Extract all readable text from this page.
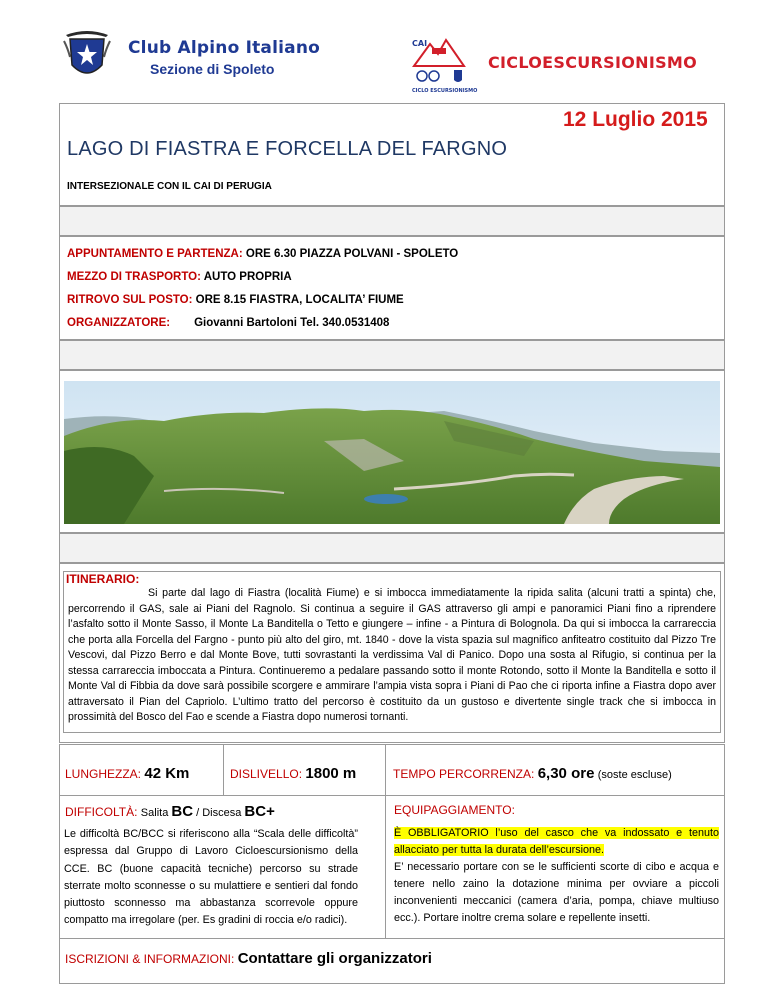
Club Alpino Italiano
Sezione di Spoleto
CAI
CICLO ESCURSIONISMO
CICLOESCURSIONISMO
12 Luglio 2015
LAGO DI FIASTRA E FORCELLA DEL FARGNO
INTERSEZIONALE CON IL CAI DI PERUGIA
APPUNTAMENTO E PARTENZA: ORE 6.30 PIAZZA POLVANI - SPOLETO
MEZZO DI TRASPORTO: AUTO PROPRIA
RITROVO SUL POSTO: ORE 8.15 FIASTRA, LOCALITA’ FIUME
ORGANIZZATORE: Giovanni Bartoloni Tel. 340.0531408
ITINERARIO:
Si parte dal lago di Fiastra (località Fiume) e si imbocca immediatamente la ripida salita (alcuni tratti a spinta) che, percorrendo il GAS, sale ai Piani del Ragnolo. Si continua a seguire il GAS attraverso gli ampi e panoramici Piani fino a riprendere l’asfalto sotto il Monte Sasso, il Monte La Banditella o Tetto e giungere – infine - a Pintura di Bolognola. Da qui si imbocca la carrareccia che porta alla Forcella del Fargno - punto più alto del giro, mt. 1840 - dove la vista spazia sul magnifico anfiteatro costituito dal Pizzo Tre Vescovi, dal Pizzo Berro e dal Monte Bove, tutti sovrastanti la verdissima Val di Panico. Dopo una sosta al Rifugio, si continua per la stessa carrareccia imboccata a Pintura. Continueremo a pedalare passando sotto il monte Rotondo, sotto il Monte la Banditella e sotto il Monte Val di Fibbia da dove sarà possibile scorgere e ammirare l’ampia vista sopra i Piani di Pao che ci riporta infine a Fiastra dopo aver attraversato il Pian del Capriolo. L’ultimo tratto del percorso è costituito da un gustoso e divertente single track che si imbocca in prossimità del Bosco del Fao e scende a Fiastra dopo numerosi tornanti.
LUNGHEZZA: 42 Km	DISLIVELLO: 1800 m	TEMPO PERCORRENZA: 6,30 ore (soste escluse)
DIFFICOLTÀ: Salita BC / Discesa BC+
Le difficoltà BC/BCC si riferiscono alla “Scala delle difficoltà” espressa dal Gruppo di Lavoro Cicloescursionismo della CCE. BC (buone capacità tecniche) percorso su strade sterrate molto sconnesse o su mulattiere e sentieri dal fondo piuttosto sconnesso ma abbastanza scorrevole oppure compatto ma irregolare (per. Es gradini di roccia e/o radici).
EQUIPAGGIAMENTO:
È OBBLIGATORIO l’uso del casco che va indossato e tenuto allacciato per tutta la durata dell’escursione.
E’ necessario portare con se le sufficienti scorte di cibo e acqua e tenere nello zaino la dotazione minima per ovviare a piccoli inconvenienti meccanici (camera d’aria, pompa, chiave multiuso ecc.). Portare inoltre crema solare e repellente insetti.
ISCRIZIONI & INFORMAZIONI: Contattare gli organizzatori
